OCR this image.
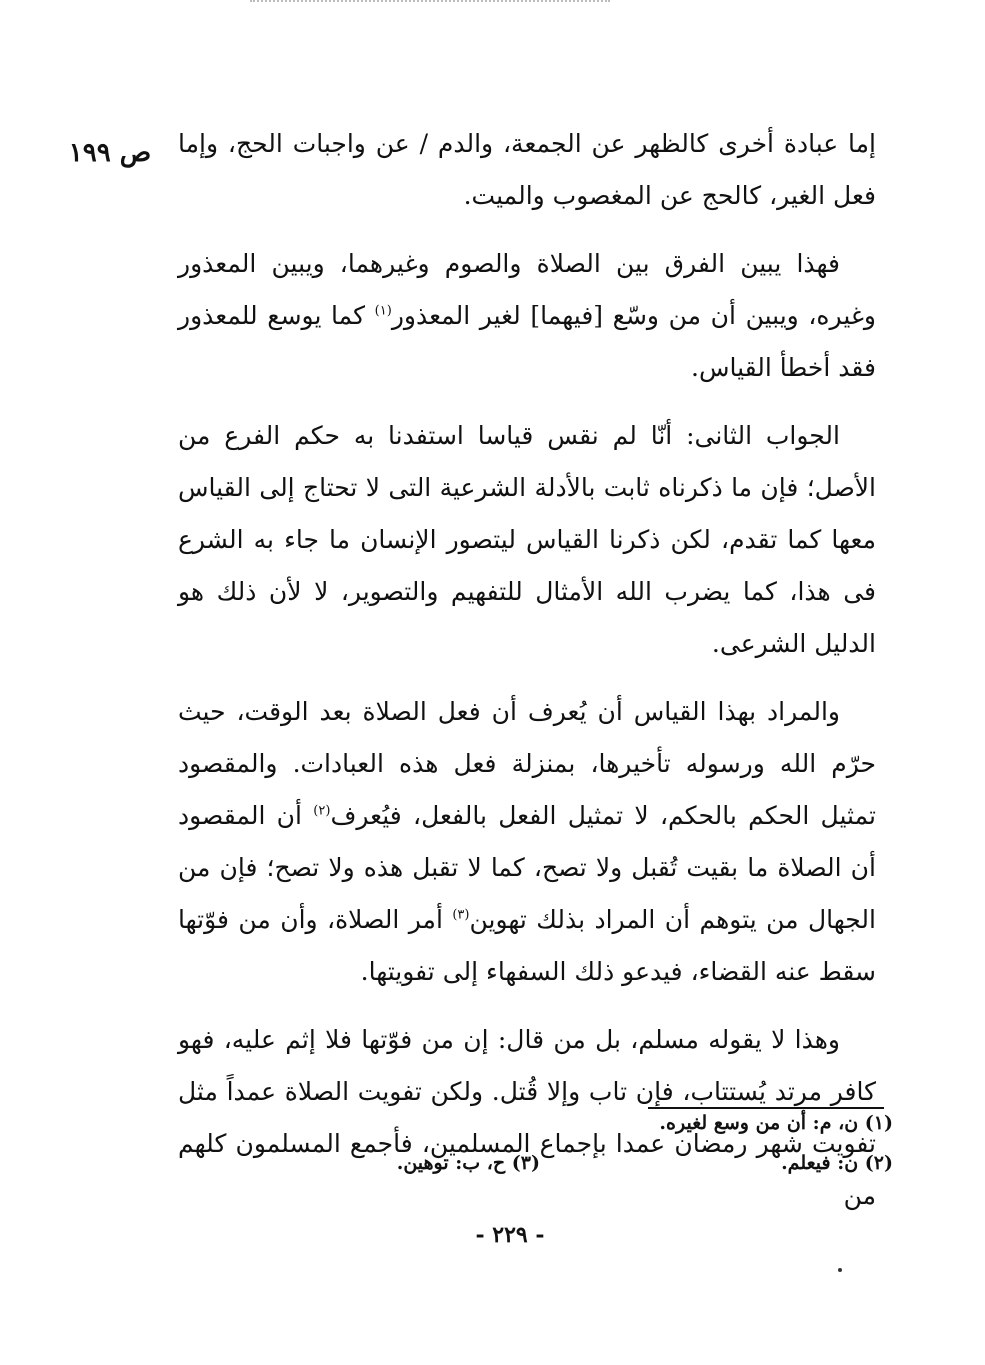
ص ١٩٩	إما عبادة أخرى كالظهر عن الجمعة، والدم / عن واجبات الحج، وإما فعل الغير، كالحج عن المغصوب والميت.

فهذا يبين الفرق بين الصلاة والصوم وغيرهما، ويبين المعذور وغيره، ويبين أن من وسّع [فيهما] لغير المعذور$^{(١)}$ كما يوسع للمعذور فقد أخطأ القياس.

الجواب الثانى: أنّا لم نقس قياسا استفدنا به حكم الفرع من الأصل؛ فإن ما ذكرناه ثابت بالأدلة الشرعية التى لا تحتاج إلى القياس معها كما تقدم، لكن ذكرنا القياس ليتصور الإنسان ما جاء به الشرع فى هذا، كما يضرب الله الأمثال للتفهيم والتصوير، لا لأن ذلك هو الدليل الشرعى.

والمراد بهذا القياس أن يُعرف أن فعل الصلاة بعد الوقت، حيث حرّم الله ورسوله تأخيرها، بمنزلة فعل هذه العبادات. والمقصود تمثيل الحكم بالحكم، لا تمثيل الفعل بالفعل، فيُعرف$^{(٢)}$ أن المقصود أن الصلاة ما بقيت تُقبل ولا تصح، كما لا تقبل هذه ولا تصح؛ فإن من الجهال من يتوهم أن المراد بذلك تهوين$^{(٣)}$ أمر الصلاة، وأن من فوّتها سقط عنه القضاء، فيدعو ذلك السفهاء إلى تفويتها.

وهذا لا يقوله مسلم، بل من قال: إن من فوّتها فلا إثم عليه، فهو كافر مرتد يُستتاب، فإن تاب وإلا قُتل. ولكن تفويت الصلاة عمداً مثل تفويت شهر رمضان عمدا بإجماع المسلمين، فأجمع المسلمون كلهم من

(١) ن، م: أن من وسع لغيره.
(٢) ن: فيعلم.
(٣) ح، ب: توهين.
- ٢٢٩ -
